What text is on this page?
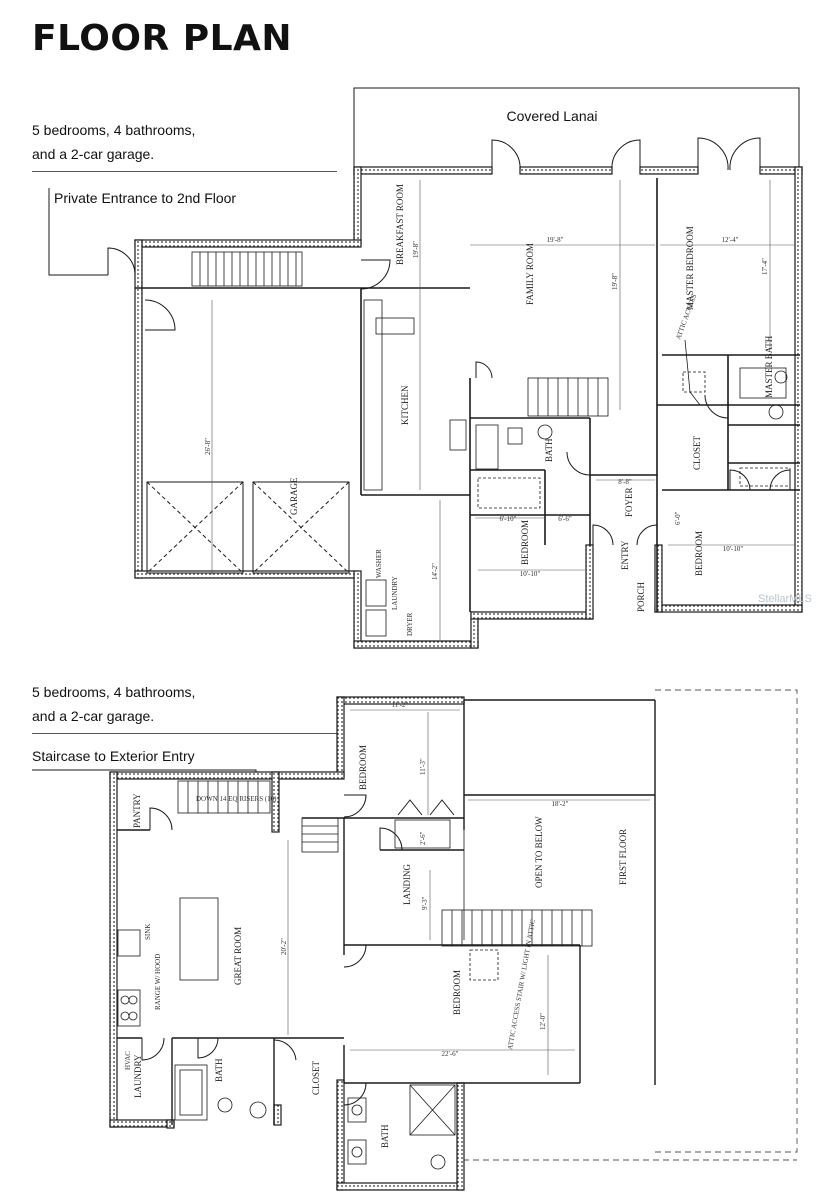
FLOOR PLAN
5 bedrooms, 4 bathrooms,
and a 2-car garage.
Private Entrance to 2nd Floor
5 bedrooms, 4 bathrooms,
and a 2-car garage.
Staircase to Exterior Entry
Covered Lanai
BREAKFAST ROOM
FAMILY ROOM	MASTER BEDROOM
MASTER BATH
KITCHEN
GARAGE
BATH	CLOSET
BEDROOM	BEDROOM
FOYER
ENTRY
PORCH
LAUNDRY
WASHER
DRYER
ATTIC ACCESS
19'-8"
19'-8"
19'-8"
12'-4"
17'-4"
26'-8"
14'-2"	10'-10"
6'-10"
10'-10"
8'-8"
6'-6"	6'-0"
StellarMLS
BEDROOM
PANTRY
GREAT ROOM
LANDING	OPEN TO BELOW	FIRST FLOOR
BEDROOM
LAUNDRY	BATH	CLOSET
BATH
SINK
RANGE W/ HOOD
HVAC
ATTIC ACCESS STAIR W/ LIGHT IN ATTIC
DOWN 14 EQ RISERS (16)
11'-2"
11'-3"
18'-2"
20'-2"
22'-6"
12'-0"
9'-3"
2'-6"
